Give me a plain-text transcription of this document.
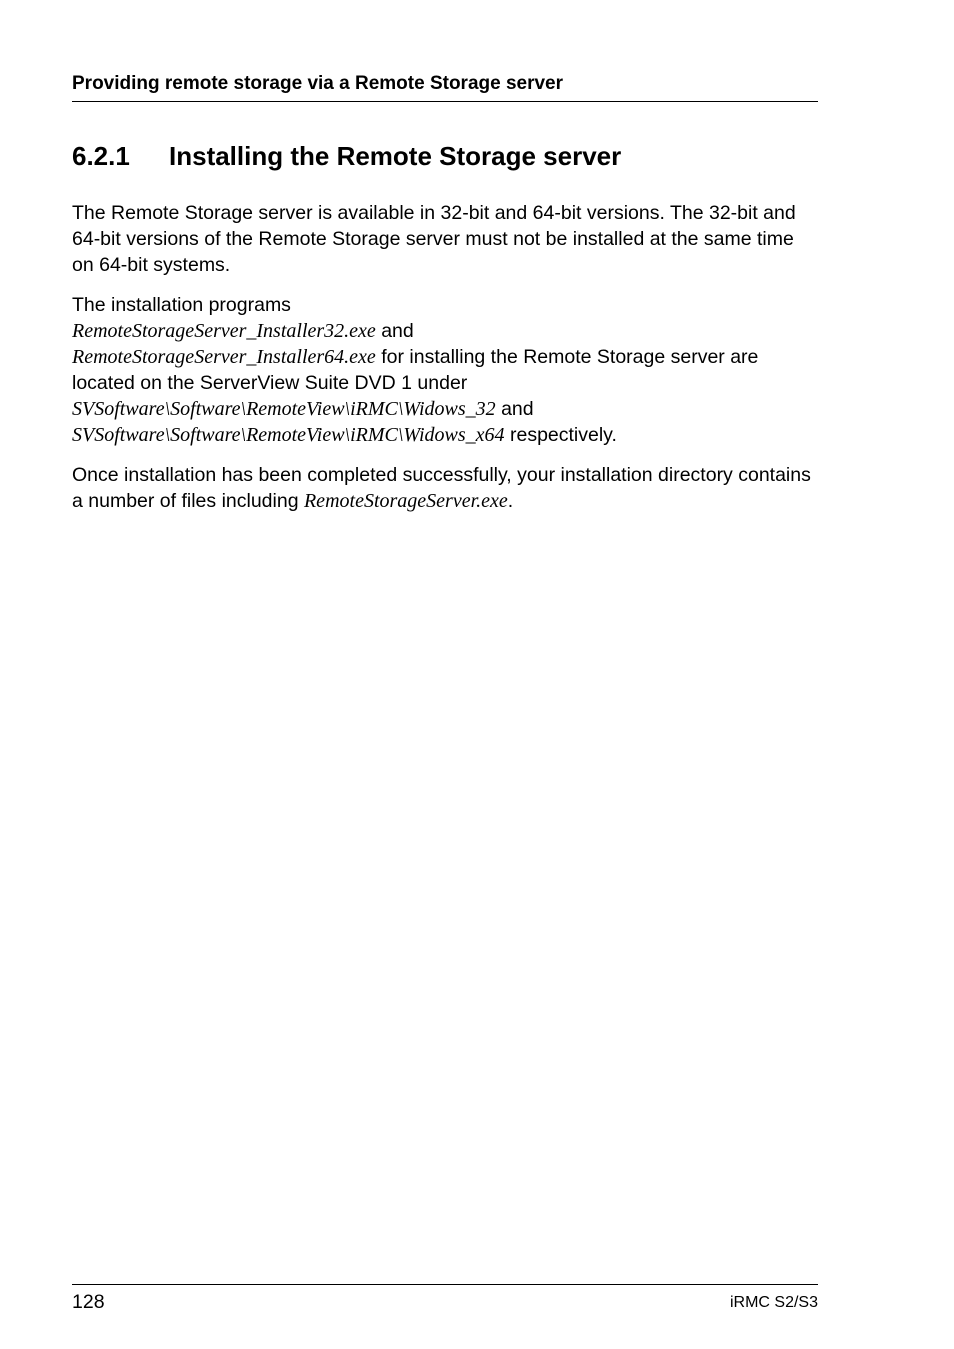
Providing remote storage via a Remote Storage server
6.2.1 Installing the Remote Storage server

The Remote Storage server is available in 32-bit and 64-bit versions. The 32-bit and 64-bit versions of the Remote Storage server must not be installed at the same time on 64-bit systems.

The installation programs
RemoteStorageServer_Installer32.exe and
RemoteStorageServer_Installer64.exe for installing the Remote Storage server are located on the ServerView Suite DVD 1 under
SVSoftware\Software\RemoteView\iRMC\Widows_32 and
SVSoftware\Software\RemoteView\iRMC\Widows_x64 respectively.

Once installation has been completed successfully, your installation directory contains a number of files including RemoteStorageServer.exe.

128	iRMC S2/S3
